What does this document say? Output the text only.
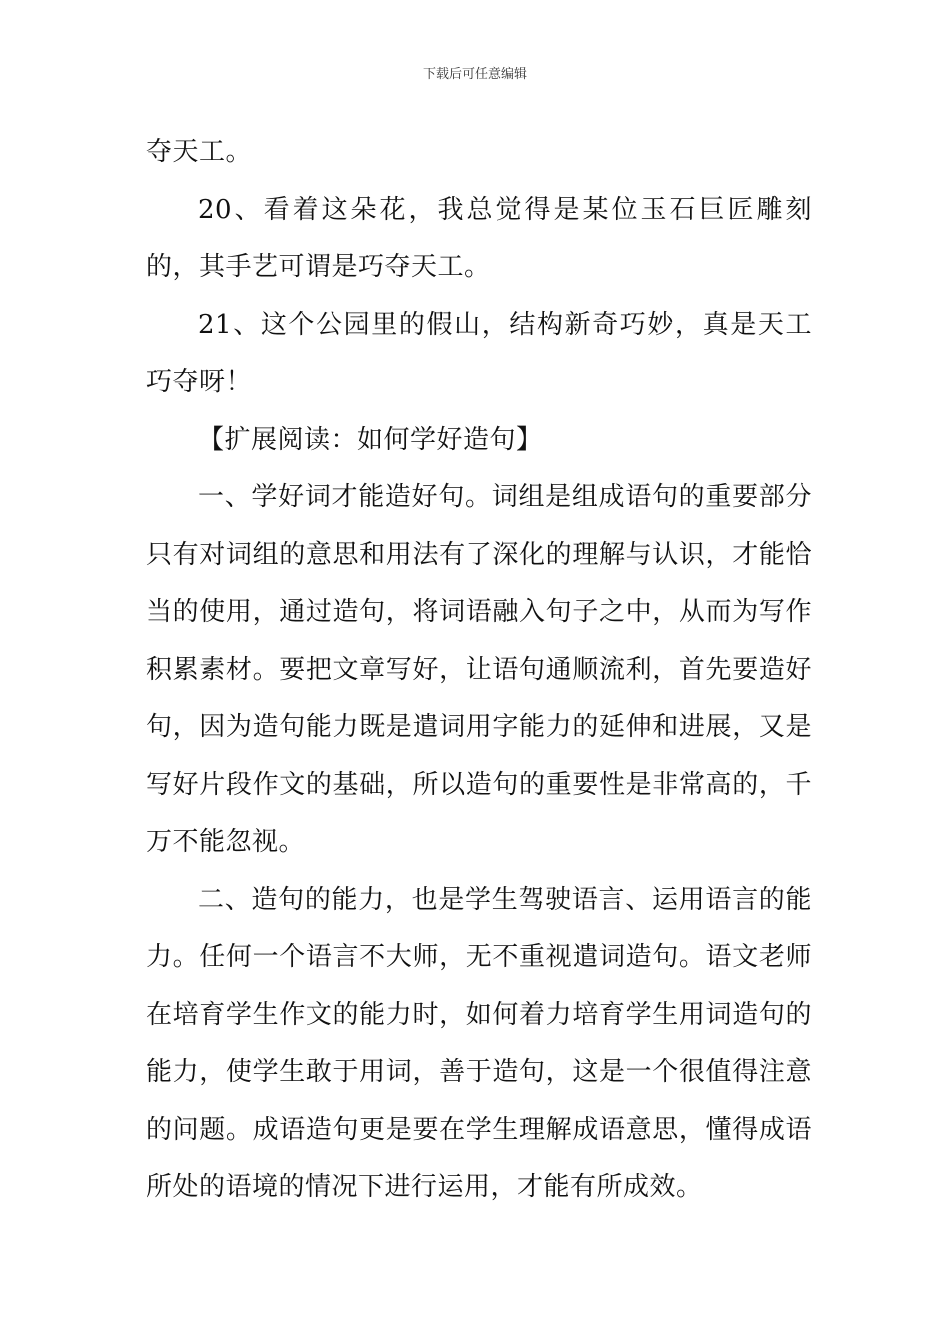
下载后可任意编辑

夺天工。

20、看着这朵花，我总觉得是某位玉石巨匠雕刻的，其手艺可谓是巧夺天工。

21、这个公园里的假山，结构新奇巧妙，真是天工巧夺呀！

【扩展阅读：如何学好造句】

一、学好词才能造好句。词组是组成语句的重要部分只有对词组的意思和用法有了深化的理解与认识，才能恰当的使用，通过造句，将词语融入句子之中，从而为写作积累素材。要把文章写好，让语句通顺流利，首先要造好句，因为造句能力既是遣词用字能力的延伸和进展，又是写好片段作文的基础，所以造句的重要性是非常高的，千万不能忽视。

二、造句的能力，也是学生驾驶语言、运用语言的能力。任何一个语言不大师，无不重视遣词造句。语文老师在培育学生作文的能力时，如何着力培育学生用词造句的能力，使学生敢于用词，善于造句，这是一个很值得注意的问题。成语造句更是要在学生理解成语意思，懂得成语所处的语境的情况下进行运用，才能有所成效。
